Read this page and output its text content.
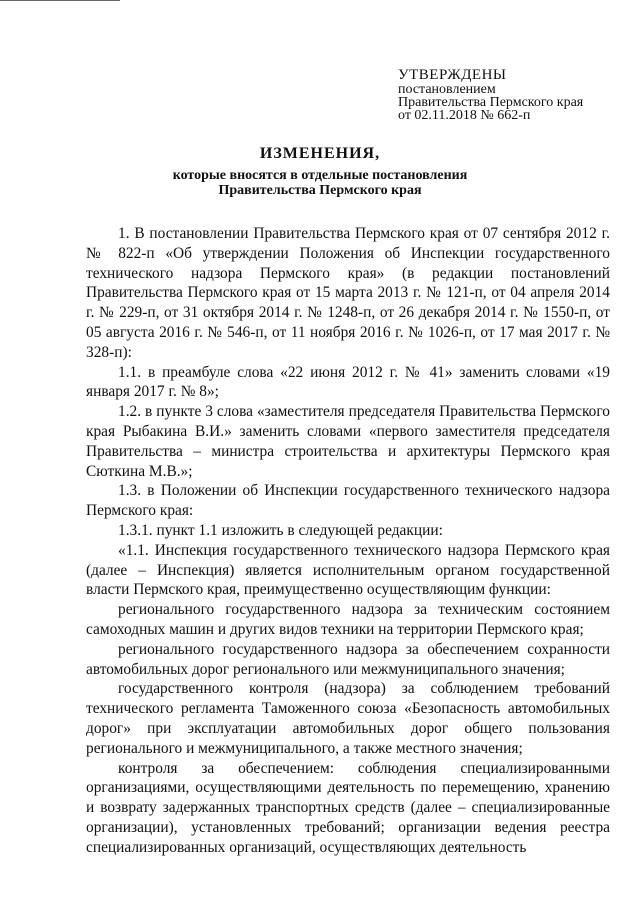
УТВЕРЖДЕНЫ
постановлением
Правительства Пермского края
от 02.11.2018 № 662-п
ИЗМЕНЕНИЯ,
которые вносятся в отдельные постановления
Правительства Пермского края

1. В постановлении Правительства Пермского края от 07 сентября 2012 г. № 822-п «Об утверждении Положения об Инспекции государственного технического надзора Пермского края» (в редакции постановлений Правительства Пермского края от 15 марта 2013 г. № 121-п, от 04 апреля 2014 г. № 229-п, от 31 октября 2014 г. № 1248-п, от 26 декабря 2014 г. № 1550-п, от 05 августа 2016 г. № 546-п, от 11 ноября 2016 г. № 1026-п, от 17 мая 2017 г. № 328-п):

1.1. в преамбуле слова «22 июня 2012 г. № 41» заменить словами «19 января 2017 г. № 8»;

1.2. в пункте 3 слова «заместителя председателя Правительства Пермского края Рыбакина В.И.» заменить словами «первого заместителя председателя Правительства – министра строительства и архитектуры Пермского края Сюткина М.В.»;

1.3. в Положении об Инспекции государственного технического надзора Пермского края:

1.3.1. пункт 1.1 изложить в следующей редакции:

«1.1. Инспекция государственного технического надзора Пермского края (далее – Инспекция) является исполнительным органом государственной власти Пермского края, преимущественно осуществляющим функции:

регионального государственного надзора за техническим состоянием самоходных машин и других видов техники на территории Пермского края;

регионального государственного надзора за обеспечением сохранности автомобильных дорог регионального или межмуниципального значения;

государственного контроля (надзора) за соблюдением требований технического регламента Таможенного союза «Безопасность автомобильных дорог» при эксплуатации автомобильных дорог общего пользования регионального и межмуниципального, а также местного значения;

контроля за обеспечением: соблюдения специализированными организациями, осуществляющими деятельность по перемещению, хранению и возврату задержанных транспортных средств (далее – специализированные организации), установленных требований; организации ведения реестра специализированных организаций, осуществляющих деятельность
